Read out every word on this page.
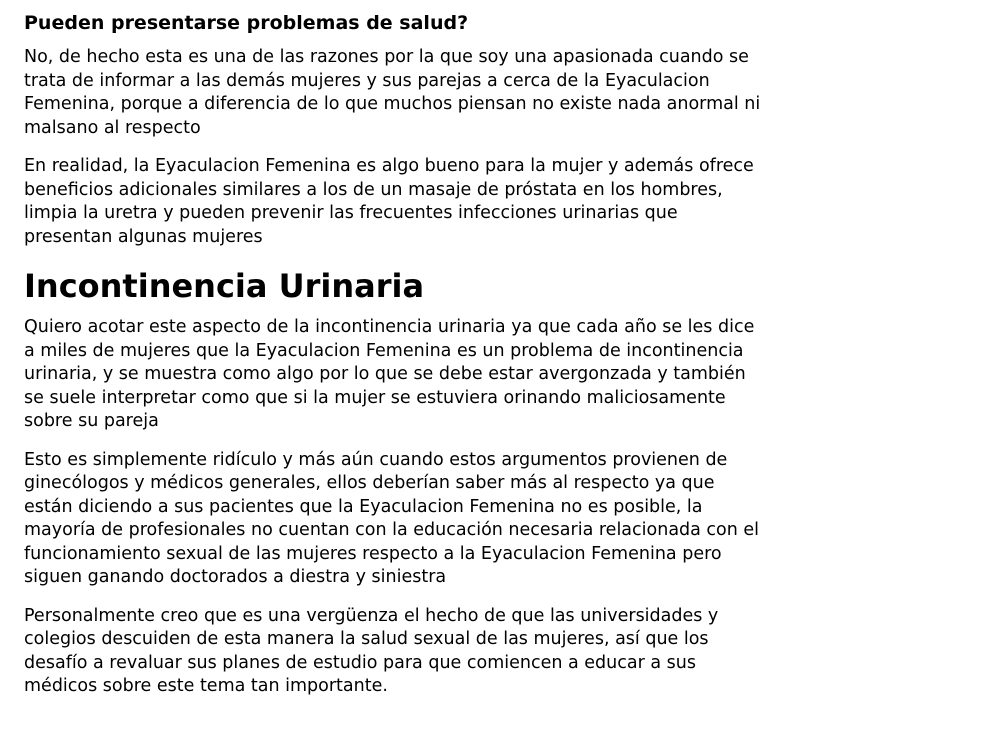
Pueden presentarse problemas de salud?

No, de hecho esta es una de las razones por la que soy una apasionada cuando se trata de informar a las demás mujeres y sus parejas a cerca de la Eyaculacion Femenina, porque a diferencia de lo que muchos piensan no existe nada anormal ni malsano al respecto

En realidad, la Eyaculacion Femenina es algo bueno para la mujer y además ofrece beneficios adicionales similares a los de un masaje de próstata en los hombres, limpia la uretra y pueden prevenir las frecuentes infecciones urinarias que presentan algunas mujeres

Incontinencia Urinaria

Quiero acotar este aspecto de la incontinencia urinaria ya que cada año se les dice a miles de mujeres que la Eyaculacion Femenina es un problema de incontinencia urinaria, y se muestra como algo por lo que se debe estar avergonzada y también se suele interpretar como que si la mujer se estuviera orinando maliciosamente sobre su pareja

Esto es simplemente ridículo y más aún cuando estos argumentos provienen de ginecólogos y médicos generales, ellos deberían saber más al respecto ya que están diciendo a sus pacientes que la Eyaculacion Femenina no es posible, la mayoría de profesionales no cuentan con la educación necesaria relacionada con el funcionamiento sexual de las mujeres respecto a la Eyaculacion Femenina pero siguen ganando doctorados a diestra y siniestra

Personalmente creo que es una vergüenza el hecho de que las universidades y colegios descuiden de esta manera la salud sexual de las mujeres, así que los desafío a revaluar sus planes de estudio para que comiencen a educar a sus médicos sobre este tema tan importante.
